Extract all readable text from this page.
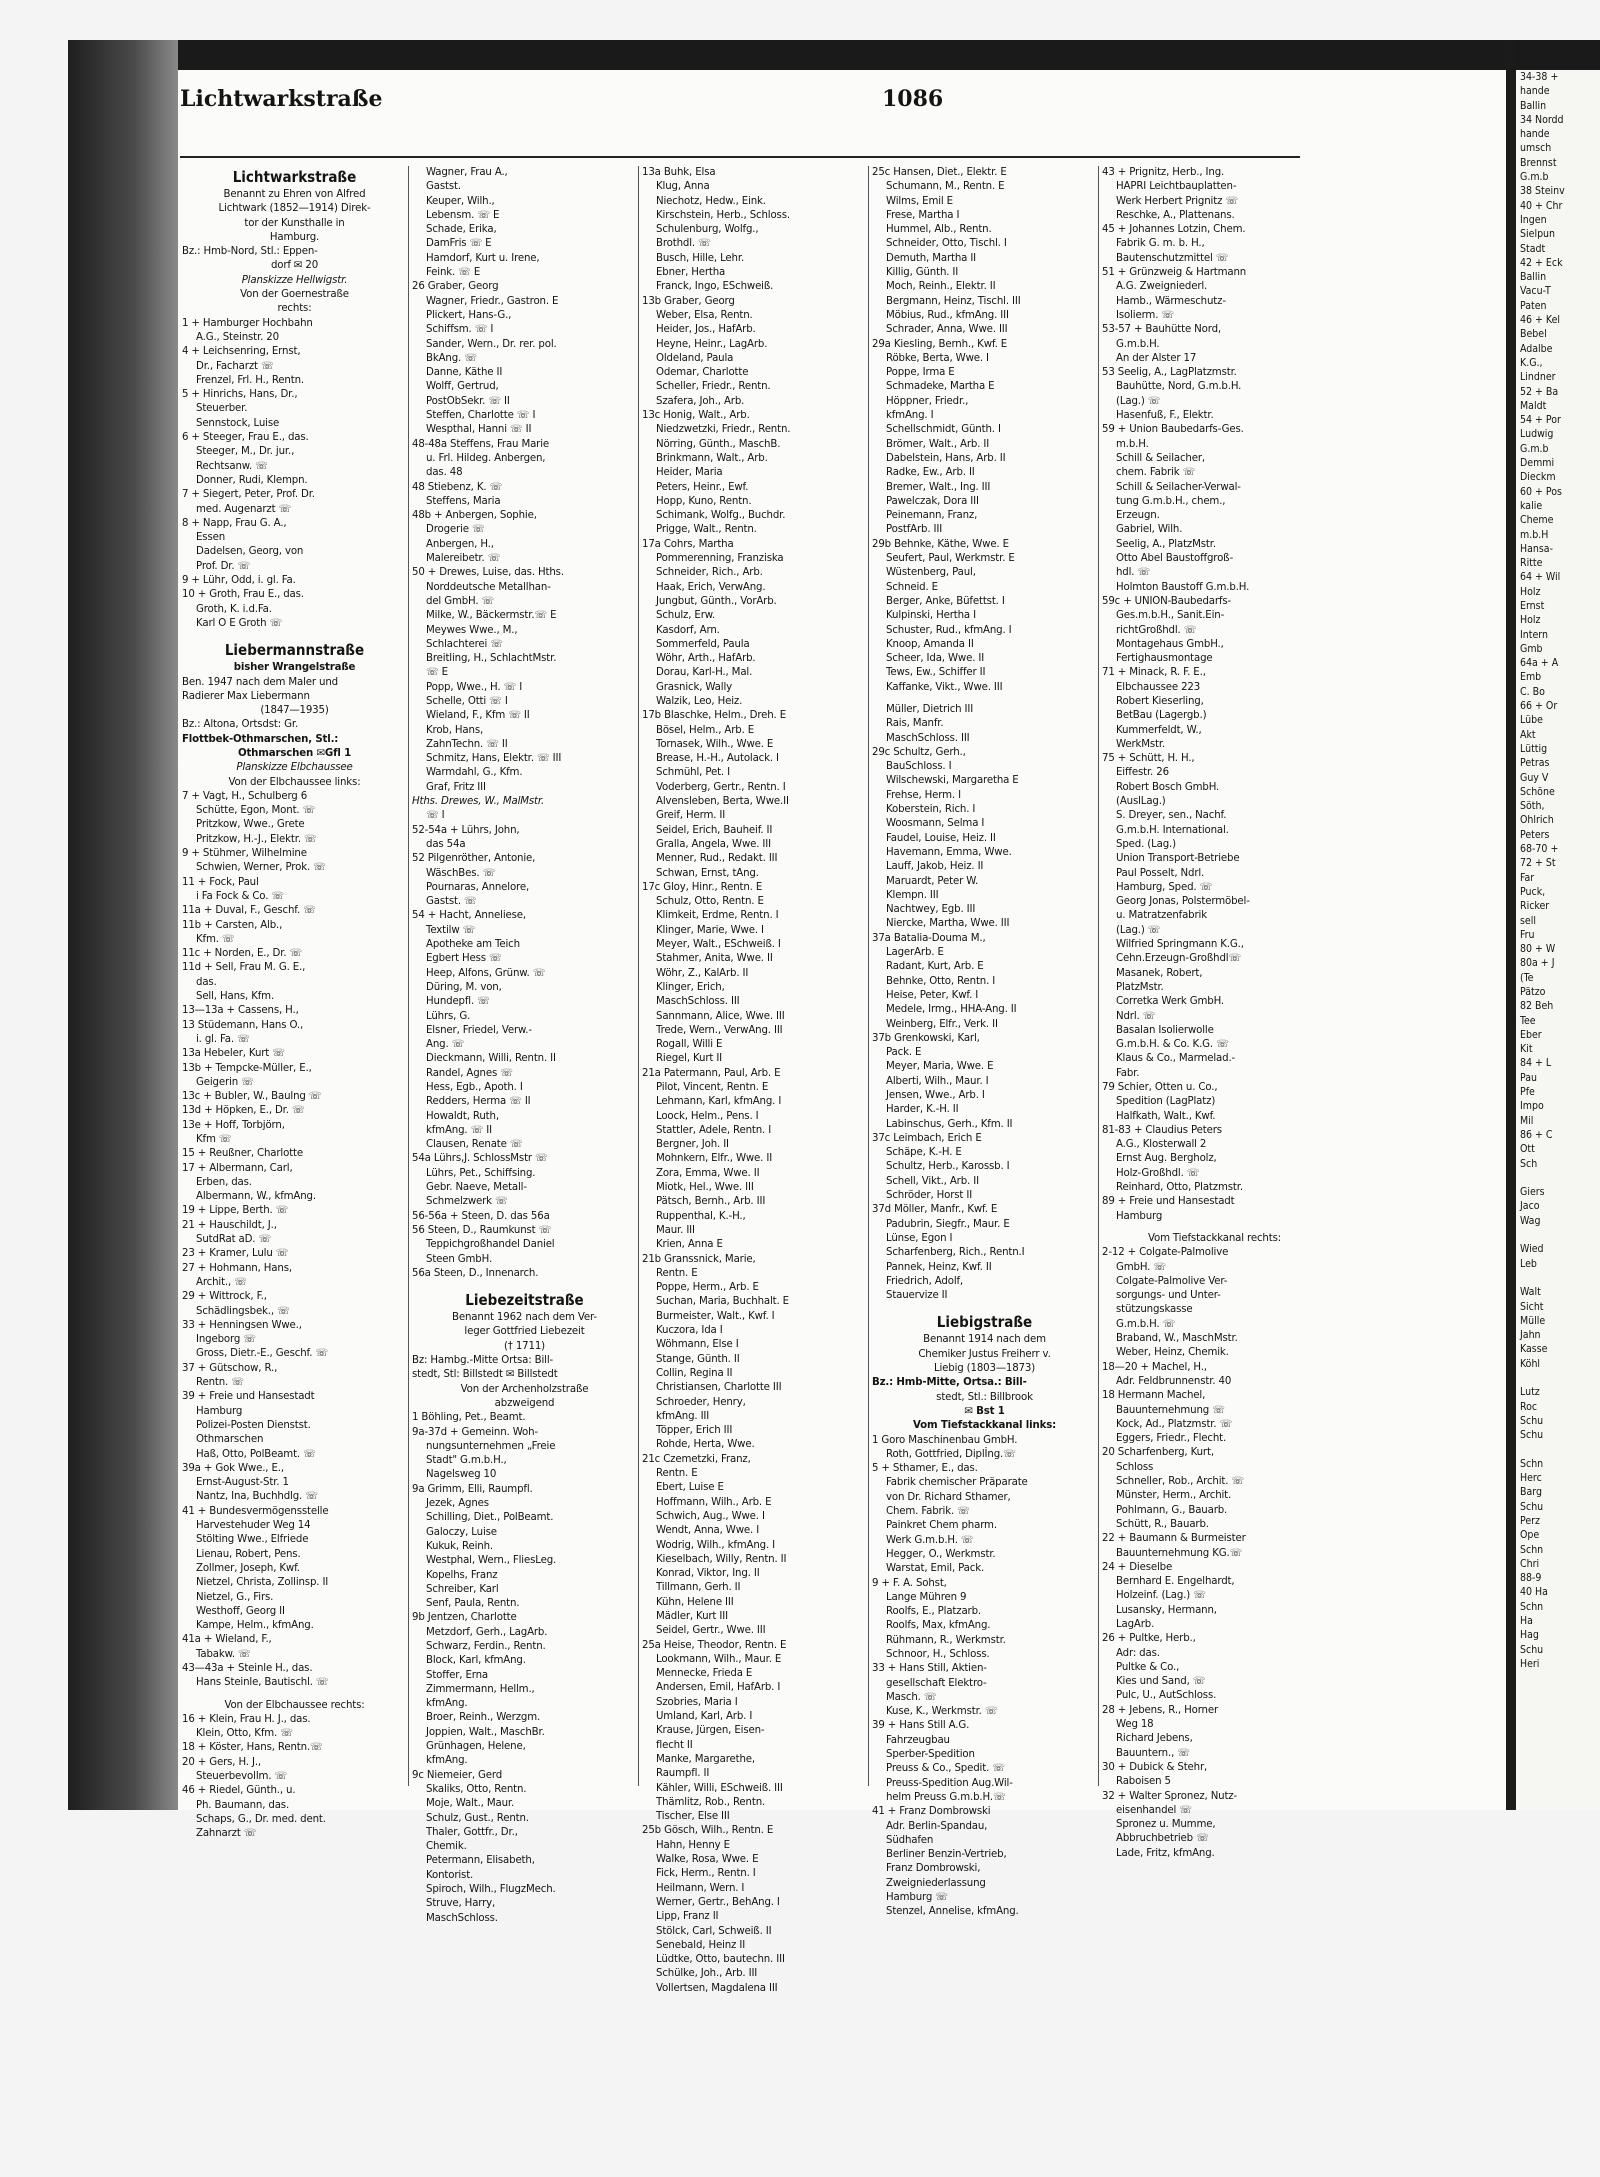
34-38 +
hande
Ballin
34 Nordd
hande
umsch
Brennst
G.m.b
38 Steinv
40 + Chr
Ingen
Sielpun
Stadt
42 + Eck
Ballin
Vacu-T
Paten
46 + Kel
Bebel
Adalbe
K.G.,
Lindner
52 + Ba
Maldt
54 + Por
Ludwig
G.m.b
Demmi
Dieckm
60 + Pos
kalie
Cheme
m.b.H
Hansa-
Ritte
64 + Wil
Holz
Ernst
Holz
Intern
Gmb
64a + A
Emb
C. Bo
66 + Or
Lübe
Akt
Lüttig
Petras
Guy V
Schöne
Söth,
Ohlrich
Peters
68-70 +
72 + St
Far
Puck,
Ricker
sell
Fru
80 + W
80a + J
(Te
Pätzo
82 Beh
Tee
Eber
Kit
84 + L
Pau
Pfe
Impo
Mil
86 + C
Ott
Sch
Giers
Jaco
Wag
Wied
Leb
Walt
Sicht
Mülle
Jahn
Kasse
Köhl
Lutz
Roc
Schu
Schu
Schn
Herc
Barg
Schu
Perz
Ope
Schn
Chri
88-9
40 Ha
Schn
Ha
Hag
Schu
Heri
Lichtwarkstraße	1086
Lichtwarkstraße
Benannt zu Ehren von Alfred
Lichtwark (1852—1914) Direk-
tor der Kunsthalle in
Hamburg.
Bz.: Hmb-Nord, Stl.: Eppen-
dorf ✉ 20
Planskizze Hellwigstr.
Von der Goernestraße
rechts:
1 + Hamburger Hochbahn
A.G., Steinstr. 20
4 + Leichsenring, Ernst,
Dr., Facharzt ☏
Frenzel, Frl. H., Rentn.
5 + Hinrichs, Hans, Dr.,
Steuerber.
Sennstock, Luise
6 + Steeger, Frau E., das.
Steeger, M., Dr. jur.,
Rechtsanw. ☏
Donner, Rudi, Klempn.
7 + Siegert, Peter, Prof. Dr.
med. Augenarzt ☏
8 + Napp, Frau G. A.,
Essen
Dadelsen, Georg, von
Prof. Dr. ☏
9 + Lühr, Odd, i. gl. Fa.
10 + Groth, Frau E., das.
Groth, K. i.d.Fa.
Karl O E Groth ☏
Liebermannstraße
bisher Wrangelstraße
Ben. 1947 nach dem Maler und
Radierer Max Liebermann
(1847—1935)
Bz.: Altona, Ortsdst: Gr.
Flottbek-Othmarschen, Stl.:
Othmarschen ✉Gfl 1
Planskizze Elbchaussee
Von der Elbchaussee links:
7 + Vagt, H., Schulberg 6
Schütte, Egon, Mont. ☏
Pritzkow, Wwe., Grete
Pritzkow, H.-J., Elektr. ☏
9 + Stühmer, Wilhelmine
Schwien, Werner, Prok. ☏
11 + Fock, Paul
i Fa Fock & Co. ☏
11a + Duval, F., Geschf. ☏
11b + Carsten, Alb.,
Kfm. ☏
11c + Norden, E., Dr. ☏
11d + Sell, Frau M. G. E.,
das.
Sell, Hans, Kfm.
13—13a + Cassens, H.,
13 Stüdemann, Hans O.,
i. gl. Fa. ☏
13a Hebeler, Kurt ☏
13b + Tempcke-Müller, E.,
Geigerin ☏
13c + Bubler, W., Baulng ☏
13d + Höpken, E., Dr. ☏
13e + Hoff, Torbjörn,
Kfm ☏
15 + Reußner, Charlotte
17 + Albermann, Carl,
Erben, das.
Albermann, W., kfmAng.
19 + Lippe, Berth. ☏
21 + Hauschildt, J.,
SutdRat aD. ☏
23 + Kramer, Lulu ☏
27 + Hohmann, Hans,
Archit., ☏
29 + Wittrock, F.,
Schädlingsbek., ☏
33 + Henningsen Wwe.,
Ingeborg ☏
Gross, Dietr.-E., Geschf. ☏
37 + Gütschow, R.,
Rentn. ☏
39 + Freie und Hansestadt
Hamburg
Polizei-Posten Dienstst.
Othmarschen
Haß, Otto, PolBeamt. ☏
39a + Gok Wwe., E.,
Ernst-August-Str. 1
Nantz, Ina, Buchhdlg. ☏
41 + Bundesvermögensstelle
Harvestehuder Weg 14
Stölting Wwe., Elfriede
Lienau, Robert, Pens.
Zollmer, Joseph, Kwf.
Nietzel, Christa, Zollinsp. II
Nietzel, G., Firs.
Westhoff, Georg II
Kampe, Helm., kfmAng.
41a + Wieland, F.,
Tabakw. ☏
43—43a + Steinle H., das.
Hans Steinle, Bautischl. ☏
Von der Elbchaussee rechts:
16 + Klein, Frau H. J., das.
Klein, Otto, Kfm. ☏
18 + Köster, Hans, Rentn.☏
20 + Gers, H. J.,
Steuerbevollm. ☏
46 + Riedel, Günth., u.
Ph. Baumann, das.
Schaps, G., Dr. med. dent.
Zahnarzt ☏
Wagner, Frau A.,
Gastst.
Keuper, Wilh.,
Lebensm. ☏ E
Schade, Erika,
DamFris ☏ E
Hamdorf, Kurt u. Irene,
Feink. ☏ E
26 Graber, Georg
Wagner, Friedr., Gastron. E
Plickert, Hans-G.,
Schiffsm. ☏ I
Sander, Wern., Dr. rer. pol.
BkAng. ☏
Danne, Käthe II
Wolff, Gertrud,
PostObSekr. ☏ II
Steffen, Charlotte ☏ I
Wespthal, Hanni ☏ II
48-48a Steffens, Frau Marie
u. Frl. Hildeg. Anbergen,
das. 48
48 Stiebenz, K. ☏
Steffens, Maria
48b + Anbergen, Sophie,
Drogerie ☏
Anbergen, H.,
Malereibetr. ☏
50 + Drewes, Luise, das. Hths.
Norddeutsche Metallhan-
del GmbH. ☏
Milke, W., Bäckermstr.☏ E
Meywes Wwe., M.,
Schlachterei ☏
Breitling, H., SchlachtMstr.
☏ E
Popp, Wwe., H. ☏ I
Schelle, Otti ☏ I
Wieland, F., Kfm ☏ II
Krob, Hans,
ZahnTechn. ☏ II
Schmitz, Hans, Elektr. ☏ III
Warmdahl, G., Kfm.
Graf, Fritz III
Hths. Drewes, W., MalMstr.
☏ I
52-54a + Lührs, John,
das 54a
52 Pilgenröther, Antonie,
WäschBes. ☏
Pournaras, Annelore,
Gastst. ☏
54 + Hacht, Anneliese,
Textilw ☏
Apotheke am Teich
Egbert Hess ☏
Heep, Alfons, Grünw. ☏
Düring, M. von,
Hundepfl. ☏
Lührs, G.
Elsner, Friedel, Verw.-
Ang. ☏
Dieckmann, Willi, Rentn. II
Randel, Agnes ☏
Hess, Egb., Apoth. I
Redders, Herma ☏ II
Howaldt, Ruth,
kfmAng. ☏ II
Clausen, Renate ☏
54a Lührs,J. SchlossMstr ☏
Lührs, Pet., Schiffsing.
Gebr. Naeve, Metall-
Schmelzwerk ☏
56-56a + Steen, D. das 56a
56 Steen, D., Raumkunst ☏
Teppichgroßhandel Daniel
Steen GmbH.
56a Steen, D., Innenarch.
Liebezeitstraße
Benannt 1962 nach dem Ver-
leger Gottfried Liebezeit
(† 1711)
Bz: Hambg.-Mitte Ortsa: Bill-
stedt, Stl: Billstedt ✉ Billstedt
Von der Archenholzstraße
abzweigend
1 Böhling, Pet., Beamt.
9a-37d + Gemeinn. Woh-
nungsunternehmen „Freie
Stadt" G.m.b.H.,
Nagelsweg 10
9a Grimm, Elli, Raumpfl.
Jezek, Agnes
Schilling, Diet., PolBeamt.
Galoczy, Luise
Kukuk, Reinh.
Westphal, Wern., FliesLeg.
Kopelhs, Franz
Schreiber, Karl
Senf, Paula, Rentn.
9b Jentzen, Charlotte
Metzdorf, Gerh., LagArb.
Schwarz, Ferdin., Rentn.
Block, Karl, kfmAng.
Stoffer, Erna
Zimmermann, Hellm.,
kfmAng.
Broer, Reinh., Werzgm.
Joppien, Walt., MaschBr.
Grünhagen, Helene,
kfmAng.
9c Niemeier, Gerd
Skaliks, Otto, Rentn.
Moje, Walt., Maur.
Schulz, Gust., Rentn.
Thaler, Gottfr., Dr.,
Chemik.
Petermann, Elisabeth,
Kontorist.
Spiroch, Wilh., FlugzMech.
Struve, Harry,
MaschSchloss.
13a Buhk, Elsa
Klug, Anna
Niechotz, Hedw., Eink.
Kirschstein, Herb., Schloss.
Schulenburg, Wolfg.,
Brothdl. ☏
Busch, Hille, Lehr.
Ebner, Hertha
Franck, Ingo, ESchweiß.
13b Graber, Georg
Weber, Elsa, Rentn.
Heider, Jos., HafArb.
Heyne, Heinr., LagArb.
Oldeland, Paula
Odemar, Charlotte
Scheller, Friedr., Rentn.
Szafera, Joh., Arb.
13c Honig, Walt., Arb.
Niedzwetzki, Friedr., Rentn.
Nörring, Günth., MaschB.
Brinkmann, Walt., Arb.
Heider, Maria
Peters, Heinr., Ewf.
Hopp, Kuno, Rentn.
Schimank, Wolfg., Buchdr.
Prigge, Walt., Rentn.
17a Cohrs, Martha
Pommerenning, Franziska
Schneider, Rich., Arb.
Haak, Erich, VerwAng.
Jungbut, Günth., VorArb.
Schulz, Erw.
Kasdorf, Arn.
Sommerfeld, Paula
Wöhr, Arth., HafArb.
Dorau, Karl-H., Mal.
Grasnick, Wally
Walzik, Leo, Heiz.
17b Blaschke, Helm., Dreh. E
Bösel, Helm., Arb. E
Tornasek, Wilh., Wwe. E
Brease, H.-H., Autolack. I
Schmühl, Pet. I
Voderberg, Gertr., Rentn. I
Alvensleben, Berta, Wwe.II
Greif, Herm. II
Seidel, Erich, Bauheif. II
Gralla, Angela, Wwe. III
Menner, Rud., Redakt. III
Schwan, Ernst, tAng.
17c Gloy, Hinr., Rentn. E
Schulz, Otto, Rentn. E
Klimkeit, Erdme, Rentn. I
Klinger, Marie, Wwe. I
Meyer, Walt., ESchweiß. I
Stahmer, Anita, Wwe. II
Wöhr, Z., KalArb. II
Klinger, Erich,
MaschSchloss. III
Sannmann, Alice, Wwe. III
Trede, Wern., VerwAng. III
Rogall, Willi E
Riegel, Kurt II
21a Patermann, Paul, Arb. E
Pilot, Vincent, Rentn. E
Lehmann, Karl, kfmAng. I
Loock, Helm., Pens. I
Stattler, Adele, Rentn. I
Bergner, Joh. II
Mohnkern, Elfr., Wwe. II
Zora, Emma, Wwe. II
Miotk, Hel., Wwe. III
Pätsch, Bernh., Arb. III
Ruppenthal, K.-H.,
Maur. III
Krien, Anna E
21b Granssnick, Marie,
Rentn. E
Poppe, Herm., Arb. E
Suchan, Maria, Buchhalt. E
Burmeister, Walt., Kwf. I
Kuczora, Ida I
Wöhmann, Else I
Stange, Günth. II
Collin, Regina II
Christiansen, Charlotte III
Schroeder, Henry,
kfmAng. III
Töpper, Erich III
Rohde, Herta, Wwe.
21c Czemetzki, Franz,
Rentn. E
Ebert, Luise E
Hoffmann, Wilh., Arb. E
Schwich, Aug., Wwe. I
Wendt, Anna, Wwe. I
Wodrig, Wilh., kfmAng. I
Kieselbach, Willy, Rentn. II
Konrad, Viktor, Ing. II
Tillmann, Gerh. II
Kühn, Helene III
Mädler, Kurt III
Seidel, Gertr., Wwe. III
25a Heise, Theodor, Rentn. E
Lookmann, Wilh., Maur. E
Mennecke, Frieda E
Andersen, Emil, HafArb. I
Szobries, Maria I
Umland, Karl, Arb. I
Krause, Jürgen, Eisen-
flecht II
Manke, Margarethe,
Raumpfl. II
Kähler, Willi, ESchweiß. III
Thämlitz, Rob., Rentn.
Tischer, Else III
25b Gösch, Wilh., Rentn. E
Hahn, Henny E
Walke, Rosa, Wwe. E
Fick, Herm., Rentn. I
Heilmann, Wern. I
Werner, Gertr., BehAng. I
Lipp, Franz II
Stölck, Carl, Schweiß. II
Senebald, Heinz II
Lüdtke, Otto, bautechn. III
Schülke, Joh., Arb. III
Vollertsen, Magdalena III
25c Hansen, Diet., Elektr. E
Schumann, M., Rentn. E
Wilms, Emil E
Frese, Martha I
Hummel, Alb., Rentn.
Schneider, Otto, Tischl. I
Demuth, Martha II
Killig, Günth. II
Moch, Reinh., Elektr. II
Bergmann, Heinz, Tischl. III
Möbius, Rud., kfmAng. III
Schrader, Anna, Wwe. III
29a Kiesling, Bernh., Kwf. E
Röbke, Berta, Wwe. I
Poppe, Irma E
Schmadeke, Martha E
Höppner, Friedr.,
kfmAng. I
Schellschmidt, Günth. I
Brömer, Walt., Arb. II
Dabelstein, Hans, Arb. II
Radke, Ew., Arb. II
Bremer, Walt., Ing. III
Pawelczak, Dora III
Peinemann, Franz,
PostfArb. III
29b Behnke, Käthe, Wwe. E
Seufert, Paul, Werkmstr. E
Wüstenberg, Paul,
Schneid. E
Berger, Anke, Büfettst. I
Kulpinski, Hertha I
Schuster, Rud., kfmAng. I
Knoop, Amanda II
Scheer, Ida, Wwe. II
Tews, Ew., Schiffer II
Kaffanke, Vikt., Wwe. III
Müller, Dietrich III
Rais, Manfr.
MaschSchloss. III
29c Schultz, Gerh.,
BauSchloss. I
Wilschewski, Margaretha E
Frehse, Herm. I
Koberstein, Rich. I
Woosmann, Selma I
Faudel, Louise, Heiz. II
Havemann, Emma, Wwe.
Lauff, Jakob, Heiz. II
Maruardt, Peter W.
Klempn. III
Nachtwey, Egb. III
Niercke, Martha, Wwe. III
37a Batalia-Douma M.,
LagerArb. E
Radant, Kurt, Arb. E
Behnke, Otto, Rentn. I
Heise, Peter, Kwf. I
Medele, Irmg., HHA-Ang. II
Weinberg, Elfr., Verk. II
37b Grenkowski, Karl,
Pack. E
Meyer, Maria, Wwe. E
Alberti, Wilh., Maur. I
Jensen, Wwe., Arb. I
Harder, K.-H. II
Labinschus, Gerh., Kfm. II
37c Leimbach, Erich E
Schäpe, K.-H. E
Schultz, Herb., Karossb. I
Schell, Vikt., Arb. II
Schröder, Horst II
37d Möller, Manfr., Kwf. E
Padubrin, Siegfr., Maur. E
Lünse, Egon I
Scharfenberg, Rich., Rentn.I
Pannek, Heinz, Kwf. II
Friedrich, Adolf,
Stauervize II
Liebigstraße
Benannt 1914 nach dem
Chemiker Justus Freiherr v.
Liebig (1803—1873)
Bz.: Hmb-Mitte, Ortsa.: Bill-
stedt, Stl.: Billbrook
✉ Bst 1
Vom Tiefstackkanal links:
1 Goro Maschinenbau GmbH.
Roth, Gottfried, Diplİng.☏
5 + Sthamer, E., das.
Fabrik chemischer Präparate
von Dr. Richard Sthamer,
Chem. Fabrik. ☏
Painkret Chem pharm.
Werk G.m.b.H. ☏
Hegger, O., Werkmstr.
Warstat, Emil, Pack.
9 + F. A. Sohst,
Lange Mühren 9
Roolfs, E., Platzarb.
Roolfs, Max, kfmAng.
Rühmann, R., Werkmstr.
Schnoor, H., Schloss.
33 + Hans Still, Aktien-
gesellschaft Elektro-
Masch. ☏
Kuse, K., Werkmstr. ☏
39 + Hans Still A.G.
Fahrzeugbau
Sperber-Spedition
Preuss & Co., Spedit. ☏
Preuss-Spedition Aug.Wil-
helm Preuss G.m.b.H.☏
41 + Franz Dombrowski
Adr. Berlin-Spandau,
Südhafen
Berliner Benzin-Vertrieb,
Franz Dombrowski,
Zweigniederlassung
Hamburg ☏
Stenzel, Annelise, kfmAng.
43 + Prignitz, Herb., Ing.
HAPRI Leichtbauplatten-
Werk Herbert Prignitz ☏
Reschke, A., Plattenans.
45 + Johannes Lotzin, Chem.
Fabrik G. m. b. H.,
Bautenschutzmittel ☏
51 + Grünzweig & Hartmann
A.G. Zweigniederl.
Hamb., Wärmeschutz-
Isolierm. ☏
53-57 + Bauhütte Nord,
G.m.b.H.
An der Alster 17
53 Seelig, A., LagPlatzmstr.
Bauhütte, Nord, G.m.b.H.
(Lag.) ☏
Hasenfuß, F., Elektr.
59 + Union Baubedarfs-Ges.
m.b.H.
Schill & Seilacher,
chem. Fabrik ☏
Schill & Seilacher-Verwal-
tung G.m.b.H., chem.,
Erzeugn.
Gabriel, Wilh.
Seelig, A., PlatzMstr.
Otto Abel Baustoffgroß-
hdl. ☏
Holmton Baustoff G.m.b.H.
59c + UNION-Baubedarfs-
Ges.m.b.H., Sanit.Ein-
richtGroßhdl. ☏
Montagehaus GmbH.,
Fertighausmontage
71 + Minack, R. F. E.,
Elbchaussee 223
Robert Kieserling,
BetBau (Lagergb.)
Kummerfeldt, W.,
WerkMstr.
75 + Schütt, H. H.,
Eiffestr. 26
Robert Bosch GmbH.
(AuslLag.)
S. Dreyer, sen., Nachf.
G.m.b.H. International.
Sped. (Lag.)
Union Transport-Betriebe
Paul Posselt, Ndrl.
Hamburg, Sped. ☏
Georg Jonas, Polstermöbel-
u. Matratzenfabrik
(Lag.) ☏
Wilfried Springmann K.G.,
Cehn.Erzeugn-Großhdl☏
Masanek, Robert,
PlatzMstr.
Corretka Werk GmbH.
Ndrl. ☏
Basalan Isolierwolle
G.m.b.H. & Co. K.G. ☏
Klaus & Co., Marmelad.-
Fabr.
79 Schier, Otten u. Co.,
Spedition (LagPlatz)
Halfkath, Walt., Kwf.
81-83 + Claudius Peters
A.G., Klosterwall 2
Ernst Aug. Bergholz,
Holz-Großhdl. ☏
Reinhard, Otto, Platzmstr.
89 + Freie und Hansestadt
Hamburg
Vom Tiefstackkanal rechts:
2-12 + Colgate-Palmolive
GmbH. ☏
Colgate-Palmolive Ver-
sorgungs- und Unter-
stützungskasse
G.m.b.H. ☏
Braband, W., MaschMstr.
Weber, Heinz, Chemik.
18—20 + Machel, H.,
Adr. Feldbrunnenstr. 40
18 Hermann Machel,
Bauunternehmung ☏
Kock, Ad., Platzmstr. ☏
Eggers, Friedr., Flecht.
20 Scharfenberg, Kurt,
Schloss
Schneller, Rob., Archit. ☏
Münster, Herm., Archit.
Pohlmann, G., Bauarb.
Schütt, R., Bauarb.
22 + Baumann & Burmeister
Bauunternehmung KG.☏
24 + Dieselbe
Bernhard E. Engelhardt,
Holzeinf. (Lag.) ☏
Lusansky, Hermann,
LagArb.
26 + Pultke, Herb.,
Adr: das.
Pultke & Co.,
Kies und Sand, ☏
Pulc, U., AutSchloss.
28 + Jebens, R., Horner
Weg 18
Richard Jebens,
Bauuntern., ☏
30 + Dubick & Stehr,
Raboisen 5
32 + Walter Spronez, Nutz-
eisenhandel ☏
Spronez u. Mumme,
Abbruchbetrieb ☏
Lade, Fritz, kfmAng.
